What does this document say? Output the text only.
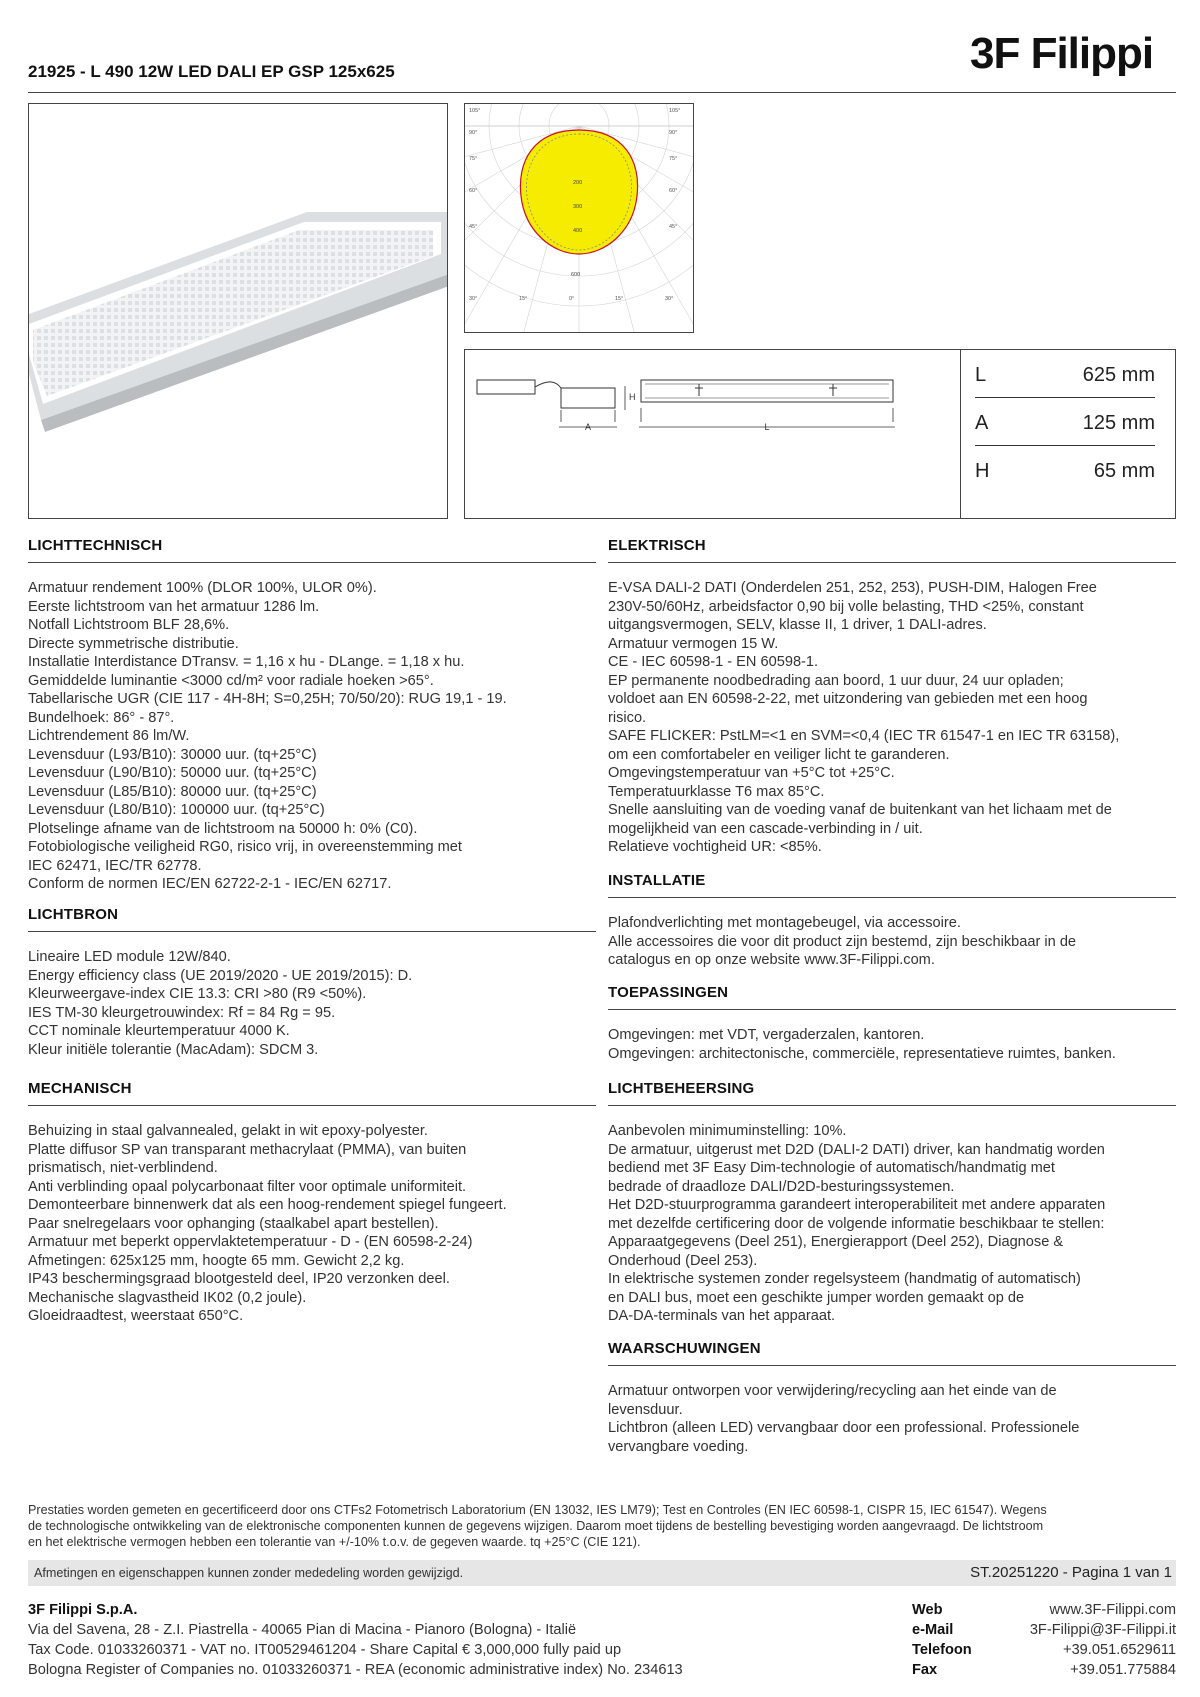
21925 - L 490 12W LED DALI EP GSP 125x625	3F Filippi
105°
90°
75°
60°
45°
30°	15°	0°	15°	30°
105°
90°
75°
60°
45°
200
300
400
600
A
H
L
L	625 mm
A	125 mm
H	65 mm
LICHTTECHNISCH
Armatuur rendement 100% (DLOR 100%, ULOR 0%).
Eerste lichtstroom van het armatuur 1286 lm.
Notfall Lichtstroom BLF 28,6%.
Directe symmetrische distributie.
Installatie Interdistance DTransv. = 1,16 x hu - DLange. = 1,18 x hu.
Gemiddelde luminantie <3000 cd/m² voor radiale hoeken >65°.
Tabellarische UGR (CIE 117 - 4H-8H; S=0,25H; 70/50/20): RUG 19,1 - 19.
Bundelhoek: 86° - 87°.
Lichtrendement 86 lm/W.
Levensduur (L93/B10): 30000 uur. (tq+25°C)
Levensduur (L90/B10): 50000 uur. (tq+25°C)
Levensduur (L85/B10): 80000 uur. (tq+25°C)
Levensduur (L80/B10): 100000 uur. (tq+25°C)
Plotselinge afname van de lichtstroom na 50000 h: 0% (C0).
Fotobiologische veiligheid RG0, risico vrij, in overeenstemming met
IEC 62471, IEC/TR 62778.
Conform de normen IEC/EN 62722-2-1 - IEC/EN 62717.
LICHTBRON
Lineaire LED module 12W/840.
Energy efficiency class (UE 2019/2020 - UE 2019/2015): D.
Kleurweergave-index CIE 13.3: CRI >80 (R9 <50%).
IES TM-30 kleurgetrouwindex: Rf = 84 Rg = 95.
CCT nominale kleurtemperatuur 4000 K.
Kleur initiële tolerantie (MacAdam): SDCM 3.
MECHANISCH
Behuizing in staal galvannealed, gelakt in wit epoxy-polyester.
Platte diffusor SP van transparant methacrylaat (PMMA), van buiten
prismatisch, niet-verblindend.
Anti verblinding opaal polycarbonaat filter voor optimale uniformiteit.
Demonteerbare binnenwerk dat als een hoog-rendement spiegel fungeert.
Paar snelregelaars voor ophanging (staalkabel apart bestellen).
Armatuur met beperkt oppervlaktetemperatuur - D - (EN 60598-2-24)
Afmetingen: 625x125 mm, hoogte 65 mm. Gewicht 2,2 kg.
IP43 beschermingsgraad blootgesteld deel, IP20 verzonken deel.
Mechanische slagvastheid IK02 (0,2 joule).
Gloeidraadtest, weerstaat 650°C.
ELEKTRISCH
E-VSA DALI-2 DATI (Onderdelen 251, 252, 253), PUSH-DIM, Halogen Free
230V-50/60Hz, arbeidsfactor 0,90 bij volle belasting, THD <25%, constant
uitgangsvermogen, SELV, klasse II, 1 driver, 1 DALI-adres.
Armatuur vermogen 15 W.
CE - IEC 60598-1 - EN 60598-1.
EP permanente noodbedrading aan boord, 1 uur duur, 24 uur opladen;
voldoet aan EN 60598-2-22, met uitzondering van gebieden met een hoog
risico.
SAFE FLICKER: PstLM=<1 en SVM=<0,4 (IEC TR 61547-1 en IEC TR 63158),
om een comfortabeler en veiliger licht te garanderen.
Omgevingstemperatuur van +5°C tot +25°C.
Temperatuurklasse T6 max 85°C.
Snelle aansluiting van de voeding vanaf de buitenkant van het lichaam met de
mogelijkheid van een cascade-verbinding in / uit.
Relatieve vochtigheid UR: <85%.
INSTALLATIE
Plafondverlichting met montagebeugel, via accessoire.
Alle accessoires die voor dit product zijn bestemd, zijn beschikbaar in de
catalogus en op onze website www.3F-Filippi.com.
TOEPASSINGEN
Omgevingen: met VDT, vergaderzalen, kantoren.
Omgevingen: architectonische, commerciële, representatieve ruimtes, banken.
LICHTBEHEERSING
Aanbevolen minimuminstelling: 10%.
De armatuur, uitgerust met D2D (DALI-2 DATI) driver, kan handmatig worden
bediend met 3F Easy Dim-technologie of automatisch/handmatig met
bedrade of draadloze DALI/D2D-besturingssystemen.
Het D2D-stuurprogramma garandeert interoperabiliteit met andere apparaten
met dezelfde certificering door de volgende informatie beschikbaar te stellen:
Apparaatgegevens (Deel 251), Energierapport (Deel 252), Diagnose &
Onderhoud (Deel 253).
In elektrische systemen zonder regelsysteem (handmatig of automatisch)
en DALI bus, moet een geschikte jumper worden gemaakt op de
DA-DA-terminals van het apparaat.
WAARSCHUWINGEN
Armatuur ontworpen voor verwijdering/recycling aan het einde van de
levensduur.
Lichtbron (alleen LED) vervangbaar door een professional. Professionele
vervangbare voeding.
Prestaties worden gemeten en gecertificeerd door ons CTFs2 Fotometrisch Laboratorium (EN 13032, IES LM79); Test en Controles (EN IEC 60598-1, CISPR 15, IEC 61547). Wegens
de technologische ontwikkeling van de elektronische componenten kunnen de gegevens wijzigen. Daarom moet tijdens de bestelling bevestiging worden aangevraagd. De lichtstroom
en het elektrische vermogen hebben een tolerantie van +/-10% t.o.v. de gegeven waarde. tq +25°C (CIE 121).
Afmetingen en eigenschappen kunnen zonder mededeling worden gewijzigd.	ST.20251220 - Pagina 1 van 1
3F Filippi S.p.A.
Via del Savena, 28 - Z.I. Piastrella - 40065 Pian di Macina - Pianoro (Bologna) - Italië
Tax Code. 01033260371 - VAT no. IT00529461204 - Share Capital € 3,000,000 fully paid up
Bologna Register of Companies no. 01033260371 - REA (economic administrative index) No. 234613
Web	www.3F-Filippi.com
e-Mail	3F-Filippi@3F-Filippi.it
Telefoon	+39.051.6529611
Fax	+39.051.775884
